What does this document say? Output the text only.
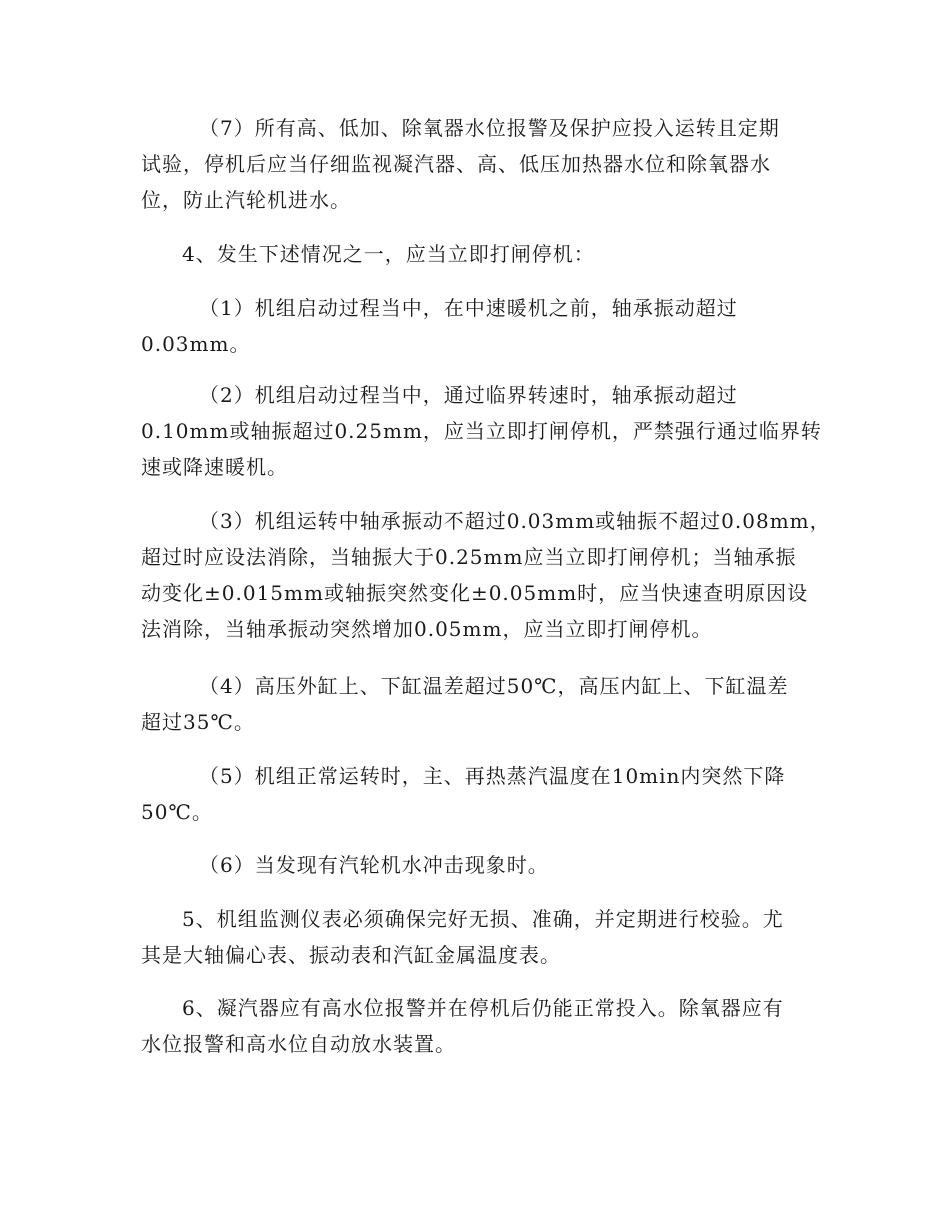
（7）所有高、低加、除氧器水位报警及保护应投入运转且定期
试验，停机后应当仔细监视凝汽器、高、低压加热器水位和除氧器水
位，防止汽轮机进水。

4、发生下述情况之一，应当立即打闸停机：

（1）机组启动过程当中，在中速暖机之前，轴承振动超过
0.03mm。

（2）机组启动过程当中，通过临界转速时，轴承振动超过
0.10mm或轴振超过0.25mm，应当立即打闸停机，严禁强行通过临界转
速或降速暖机。

（3）机组运转中轴承振动不超过0.03mm或轴振不超过0.08mm，
超过时应设法消除，当轴振大于0.25mm应当立即打闸停机；当轴承振
动变化±0.015mm或轴振突然变化±0.05mm时，应当快速查明原因设
法消除，当轴承振动突然增加0.05mm，应当立即打闸停机。

（4）高压外缸上、下缸温差超过50℃，高压内缸上、下缸温差
超过35℃。

（5）机组正常运转时，主、再热蒸汽温度在10min内突然下降
50℃。

（6）当发现有汽轮机水冲击现象时。

5、机组监测仪表必须确保完好无损、准确，并定期进行校验。尤
其是大轴偏心表、振动表和汽缸金属温度表。

6、凝汽器应有高水位报警并在停机后仍能正常投入。除氧器应有
水位报警和高水位自动放水装置。
